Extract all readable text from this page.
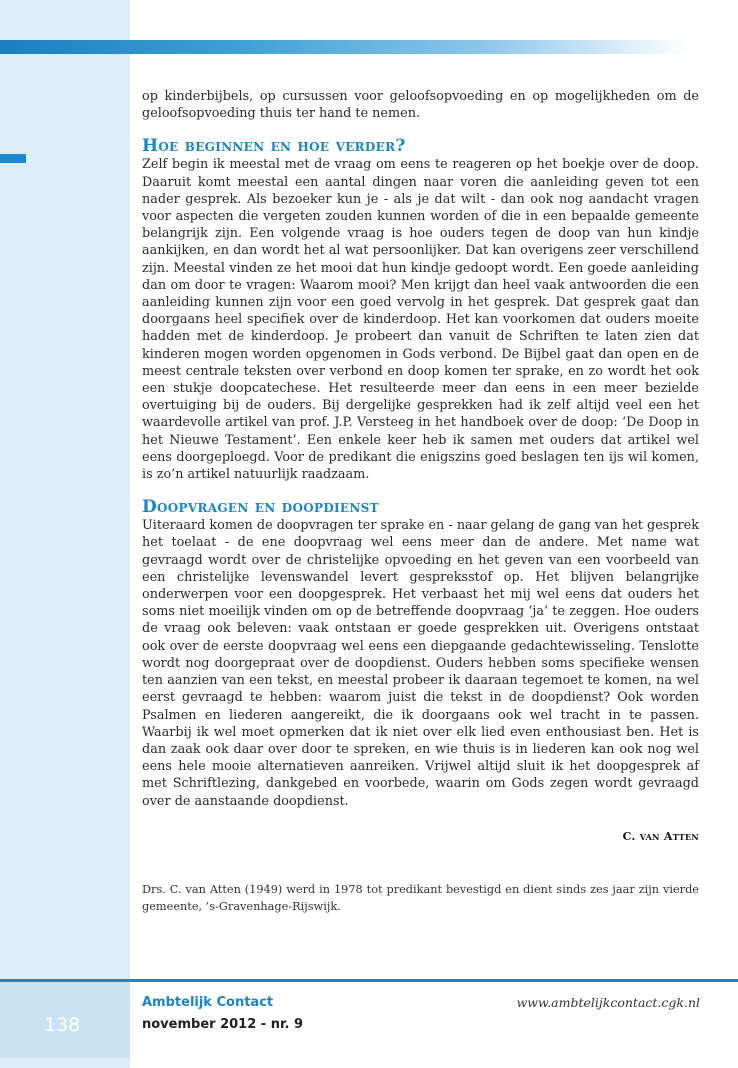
op kinderbijbels, op cursussen voor geloofsopvoeding en op mogelijkheden om de geloofsopvoeding thuis ter hand te nemen.

Hoe beginnen en hoe verder?

Zelf begin ik meestal met de vraag om eens te reageren op het boekje over de doop. Daaruit komt meestal een aantal dingen naar voren die aanleiding geven tot een nader gesprek. Als bezoeker kun je - als je dat wilt - dan ook nog aandacht vragen voor aspecten die vergeten zouden kunnen worden of die in een bepaalde gemeente belangrijk zijn. Een volgende vraag is hoe ouders tegen de doop van hun kindje aankijken, en dan wordt het al wat persoonlijker. Dat kan overigens zeer verschillend zijn. Meestal vinden ze het mooi dat hun kindje gedoopt wordt. Een goede aanleiding dan om door te vragen: Waarom mooi? Men krijgt dan heel vaak antwoorden die een aanleiding kunnen zijn voor een goed vervolg in het gesprek. Dat gesprek gaat dan doorgaans heel specifiek over de kinderdoop. Het kan voorkomen dat ouders moeite hadden met de kinderdoop. Je probeert dan vanuit de Schriften te laten zien dat kinderen mogen worden opgenomen in Gods verbond. De Bijbel gaat dan open en de meest centrale teksten over verbond en doop komen ter sprake, en zo wordt het ook een stukje doopcatechese. Het resulteerde meer dan eens in een meer bezielde overtuiging bij de ouders. Bij dergelijke gesprekken had ik zelf altijd veel een het waardevolle artikel van prof. J.P. Versteeg in het handboek over de doop: ‘De Doop in het Nieuwe Testament’. Een enkele keer heb ik samen met ouders dat artikel wel eens doorgeploegd. Voor de predikant die enigszins goed beslagen ten ijs wil komen, is zo’n artikel natuurlijk raadzaam.

Doopvragen en doopdienst

Uiteraard komen de doopvragen ter sprake en - naar gelang de gang van het gesprek het toelaat - de ene doopvraag wel eens meer dan de andere. Met name wat gevraagd wordt over de christelijke opvoeding en het geven van een voorbeeld van een christelijke levenswandel levert gespreksstof op. Het blijven belangrijke onderwerpen voor een doopgesprek. Het verbaast het mij wel eens dat ouders het soms niet moeilijk vinden om op de betreffende doopvraag ‘ja’ te zeggen. Hoe ouders de vraag ook beleven: vaak ontstaan er goede gesprekken uit. Overigens ontstaat ook over de eerste doopvraag wel eens een diepgaande gedachtewisseling. Tenslotte wordt nog doorgepraat over de doopdienst. Ouders hebben soms specifieke wensen ten aanzien van een tekst, en meestal probeer ik daaraan tegemoet te komen, na wel eerst gevraagd te hebben: waarom juist die tekst in de doopdienst? Ook worden Psalmen en liederen aangereikt, die ik doorgaans ook wel tracht in te passen. Waarbij ik wel moet opmerken dat ik niet over elk lied even enthousiast ben. Het is dan zaak ook daar over door te spreken, en wie thuis is in liederen kan ook nog wel eens hele mooie alternatieven aanreiken. Vrijwel altijd sluit ik het doopgesprek af met Schriftlezing, dankgebed en voorbede, waarin om Gods zegen wordt gevraagd over de aanstaande doopdienst.

C. van Atten
Drs. C. van Atten (1949) werd in 1978 tot predikant bevestigd en dient sinds zes jaar zijn vierde gemeente, ’s-Gravenhage-Rijswijk.
138
Ambtelijk Contact
november 2012 - nr. 9
www.ambtelijkcontact.cgk.nl
